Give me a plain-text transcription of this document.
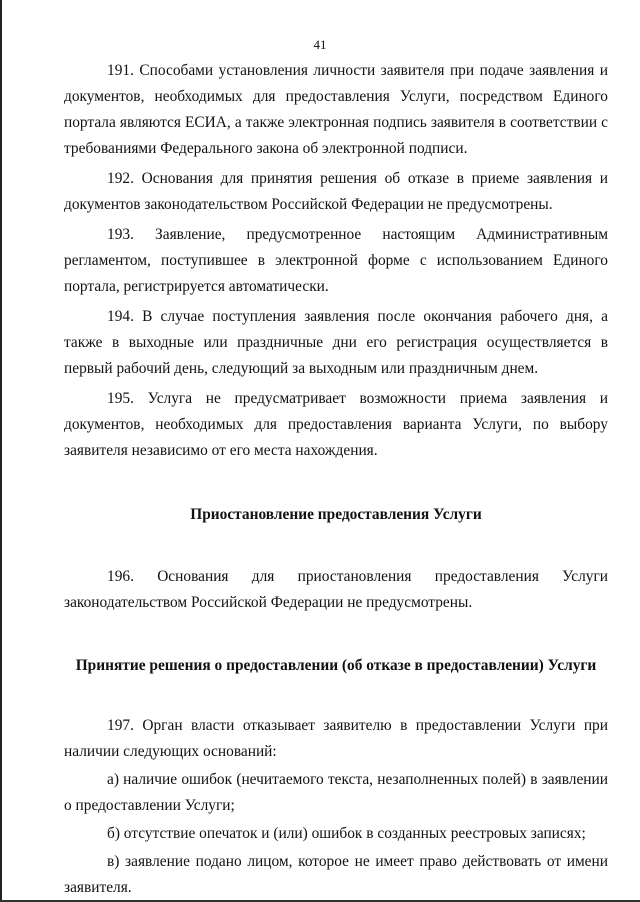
41

191. Способами установления личности заявителя при подаче заявления и документов, необходимых для предоставления Услуги, посредством Единого портала являются ЕСИА, а также электронная подпись заявителя в соответствии с требованиями Федерального закона об электронной подписи.

192. Основания для принятия решения об отказе в приеме заявления и документов законодательством Российской Федерации не предусмотрены.

193. Заявление, предусмотренное настоящим Административным регламентом, поступившее в электронной форме с использованием Единого портала, регистрируется автоматически.

194. В случае поступления заявления после окончания рабочего дня, а также в выходные или праздничные дни его регистрация осуществляется в первый рабочий день, следующий за выходным или праздничным днем.

195. Услуга не предусматривает возможности приема заявления и документов, необходимых для предоставления варианта Услуги, по выбору заявителя независимо от его места нахождения.

Приостановление предоставления Услуги

196. Основания для приостановления предоставления Услуги законодательством Российской Федерации не предусмотрены.

Принятие решения о предоставлении (об отказе в предоставлении) Услуги

197. Орган власти отказывает заявителю в предоставлении Услуги при наличии следующих оснований:

а) наличие ошибок (нечитаемого текста, незаполненных полей) в заявлении о предоставлении Услуги;

б) отсутствие опечаток и (или) ошибок в созданных реестровых записях;

в) заявление подано лицом, которое не имеет право действовать от имени заявителя.
